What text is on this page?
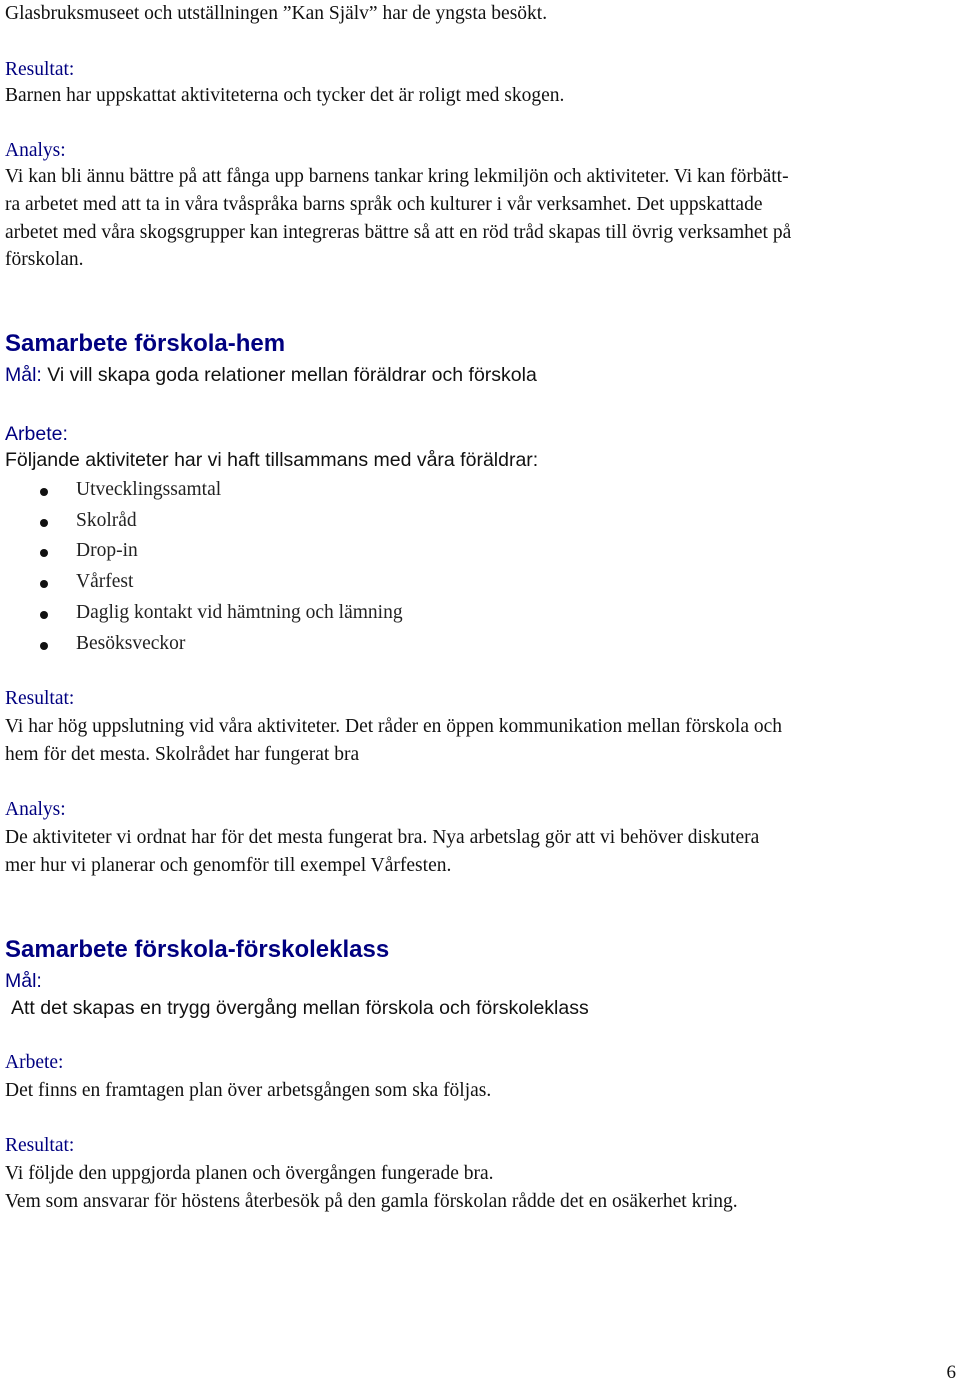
Glasbruksmuseet och utställningen ”Kan Själv” har de yngsta besökt.

Resultat:

Barnen har uppskattat aktiviteterna och tycker det är roligt med skogen.

Analys:

Vi kan bli ännu bättre på att fånga upp barnens tankar kring lekmiljön och aktiviteter. Vi kan förbätt-

ra arbetet med att ta in våra tvåspråka barns språk och kulturer i vår verksamhet. Det uppskattade

arbetet med våra skogsgrupper kan integreras bättre så att en röd tråd skapas till övrig verksamhet på

förskolan.

Samarbete förskola-hem

Mål: Vi vill skapa goda relationer mellan föräldrar och förskola

Arbete:

Följande aktiviteter har vi haft tillsammans med våra föräldrar:

Utvecklingssamtal
Skolråd
Drop-in
Vårfest
Daglig kontakt vid hämtning och lämning
Besöksveckor

Resultat:

Vi har hög uppslutning vid våra aktiviteter. Det råder en öppen kommunikation mellan förskola och

hem för det mesta. Skolrådet har fungerat bra

Analys:

De aktiviteter vi ordnat har för det mesta fungerat bra. Nya arbetslag gör att vi behöver diskutera

mer hur vi planerar och genomför till exempel Vårfesten.

Samarbete förskola-förskoleklass

Mål:

Att det skapas en trygg övergång mellan förskola och förskoleklass

Arbete:

Det finns en framtagen plan över arbetsgången som ska följas.

Resultat:

Vi följde den uppgjorda planen och övergången fungerade bra.

Vem som ansvarar för höstens återbesök på den gamla förskolan rådde det en osäkerhet kring.

6
